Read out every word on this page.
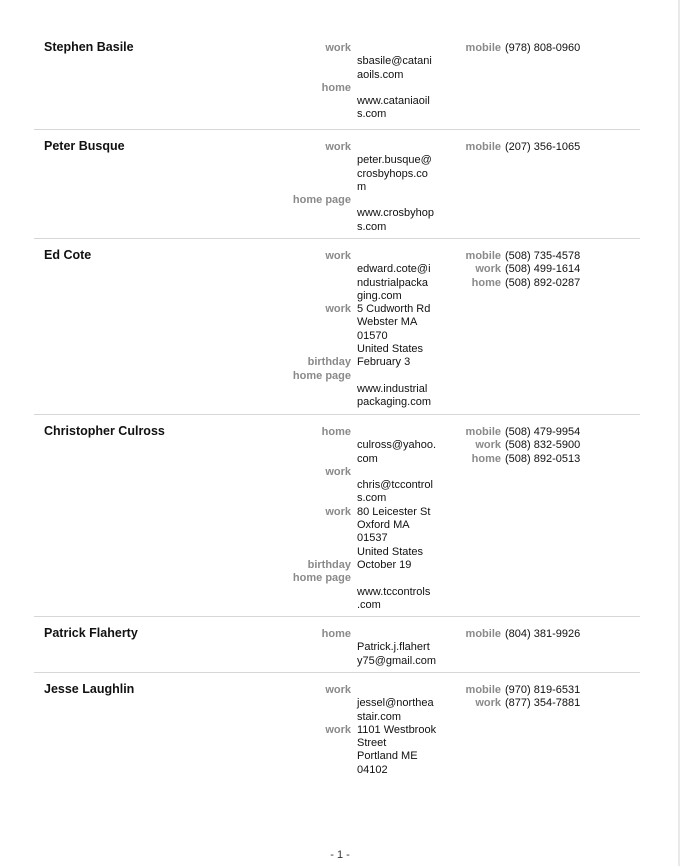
Stephen Basile	work
sbasile@catani
aoils.com
home
www.cataniaoil
s.com
mobile (978) 808-0960
Peter Busque	work
peter.busque@
crosbyhops.co
m
home page
www.crosbyhop
s.com
mobile (207) 356-1065
Ed Cote	work
edward.cote@i
ndustrialpacka
ging.com
work 5 Cudworth Rd
Webster MA
01570
United States
birthday February 3
home page
www.industrial
packaging.com
mobile (508) 735-4578
work (508) 499-1614
home (508) 892-0287
Christopher Culross	home
culross@yahoo.
com
work
chris@tccontrol
s.com
work 80 Leicester St
Oxford MA
01537
United States
birthday October 19
home page
www.tccontrols
.com
mobile (508) 479-9954
work (508) 832-5900
home (508) 892-0513
Patrick Flaherty	home
Patrick.j.flahert
y75@gmail.com
mobile (804) 381-9926
Jesse Laughlin	work
jessel@northea
stair.com
work 1101 Westbrook
Street
Portland ME
04102
mobile (970) 819-6531
work (877) 354-7881
- 1 -
